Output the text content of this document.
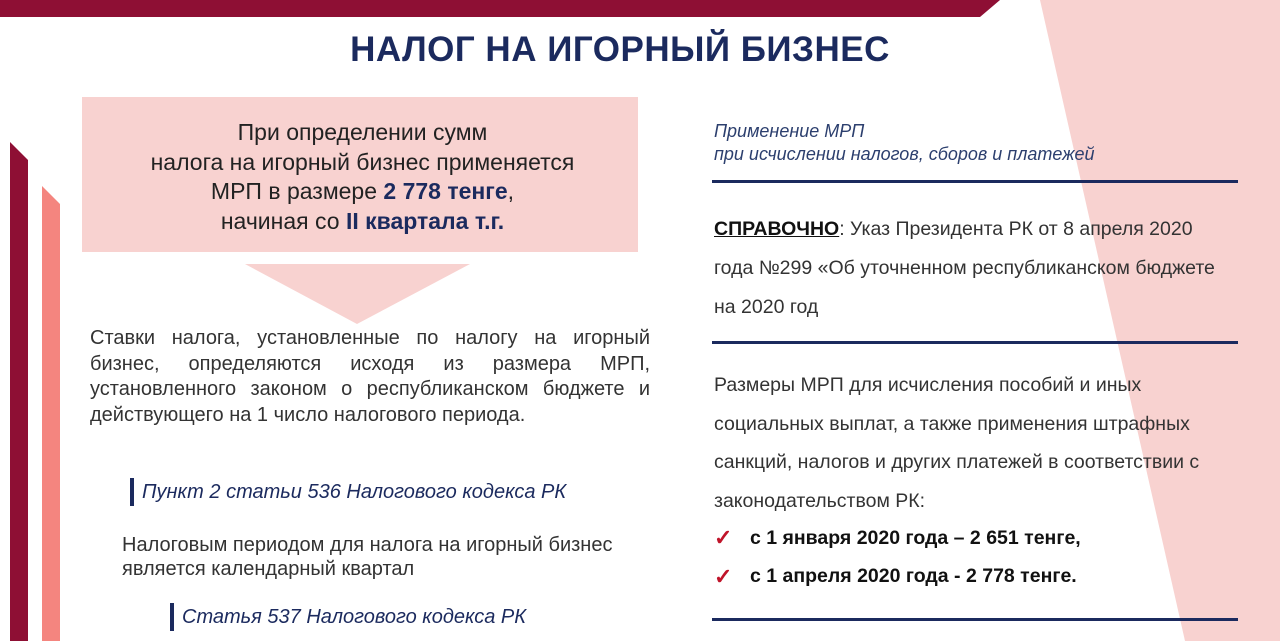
НАЛОГ НА ИГОРНЫЙ БИЗНЕС
При определении сумм
налога на игорный бизнес применяется
МРП в размере 2 778 тенге,
начиная со II квартала т.г.
Ставки налога, установленные по налогу на игорный бизнес, определяются исходя из размера МРП, установленного законом о республиканском бюджете и действующего на 1 число налогового периода.
Пункт 2 статьи 536 Налогового кодекса РК
Налоговым периодом для налога на игорный бизнес является календарный квартал
Статья 537 Налогового кодекса РК
Применение МРП
при исчислении налогов, сборов и платежей
СПРАВОЧНО: Указ Президента РК от 8 апреля 2020 года №299 «Об уточненном республиканском бюджете на 2020 год
Размеры МРП для исчисления пособий и иных социальных выплат, а также применения штрафных санкций, налогов и других платежей в соответствии с законодательством РК:
✓ с 1 января 2020 года – 2 651 тенге,
✓ с 1 апреля 2020 года - 2 778 тенге.
